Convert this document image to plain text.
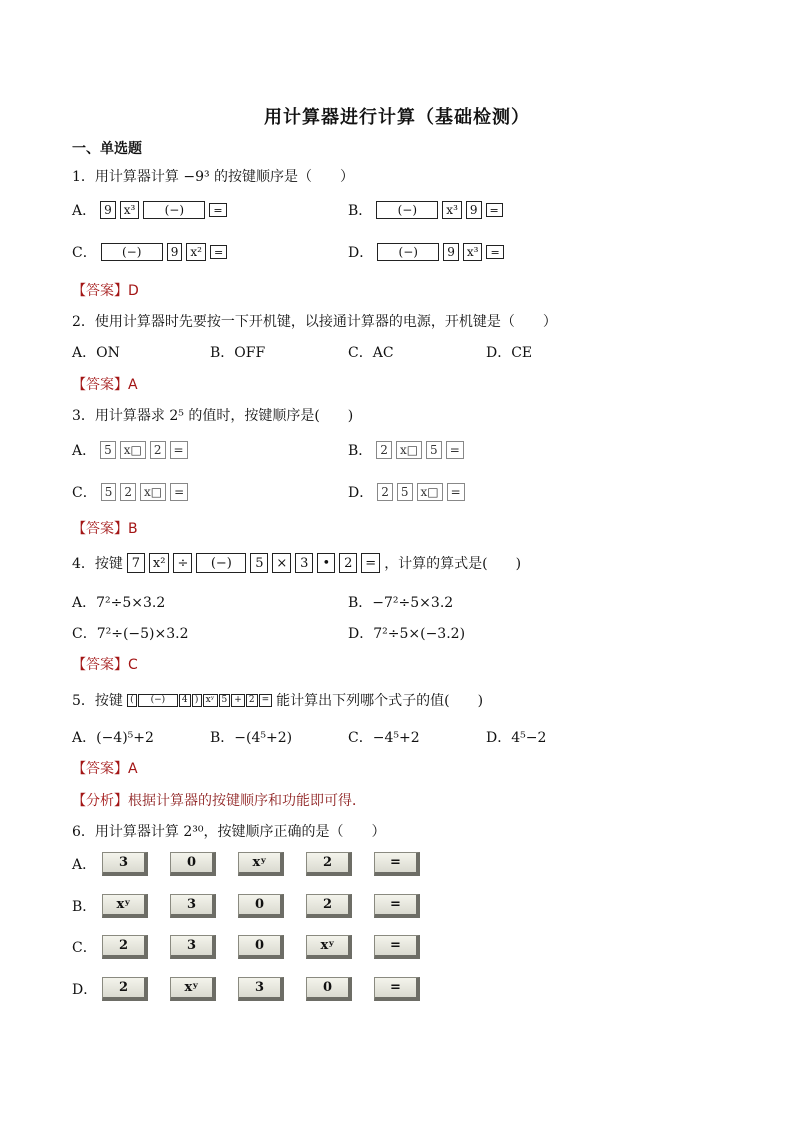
用计算器进行计算（基础检测）
一、单选题
1．用计算器计算 −9³ 的按键顺序是（　　）
A． 9	x³	(−)	=	B．	(−)	x³	9	=
C．	(−)	9	x²	=	D．	(−)	9	x³	=
【答案】D
2．使用计算器时先要按一下开机键，以接通计算器的电源，开机键是（　　）
A．ON	B．OFF	C．AC	D．CE
【答案】A
3．用计算器求 2⁵ 的值时，按键顺序是(　　)
A． 5	x□	2	=	B． 2	x□	5	=
C． 5	2	x□	=	D． 2	5	x□	=
【答案】B
4．按键 7 x² ÷	(−)	5 × 3	•	2 = ，计算的算式是(　　)
A．7²÷5×3.2	B．−7²÷5×3.2
C．7²÷(−5)×3.2	D．7²÷5×(−3.2)
【答案】C
5．按键 (	(−)	4 ) xʸ 5 + 2 = 能计算出下列哪个式子的值(　　)
A．(−4)⁵+2	B．−(4⁵+2)	C．−4⁵+2	D．4⁵−2
【答案】A
【分析】根据计算器的按键顺序和功能即可得．
6．用计算器计算 2³⁰，按键顺序正确的是（　　）
A．	3	0	xʸ	2	=
B．	xʸ	3	0	2	=
C．	2	3	0	xʸ	=
D．	2	xʸ	3	0	=
